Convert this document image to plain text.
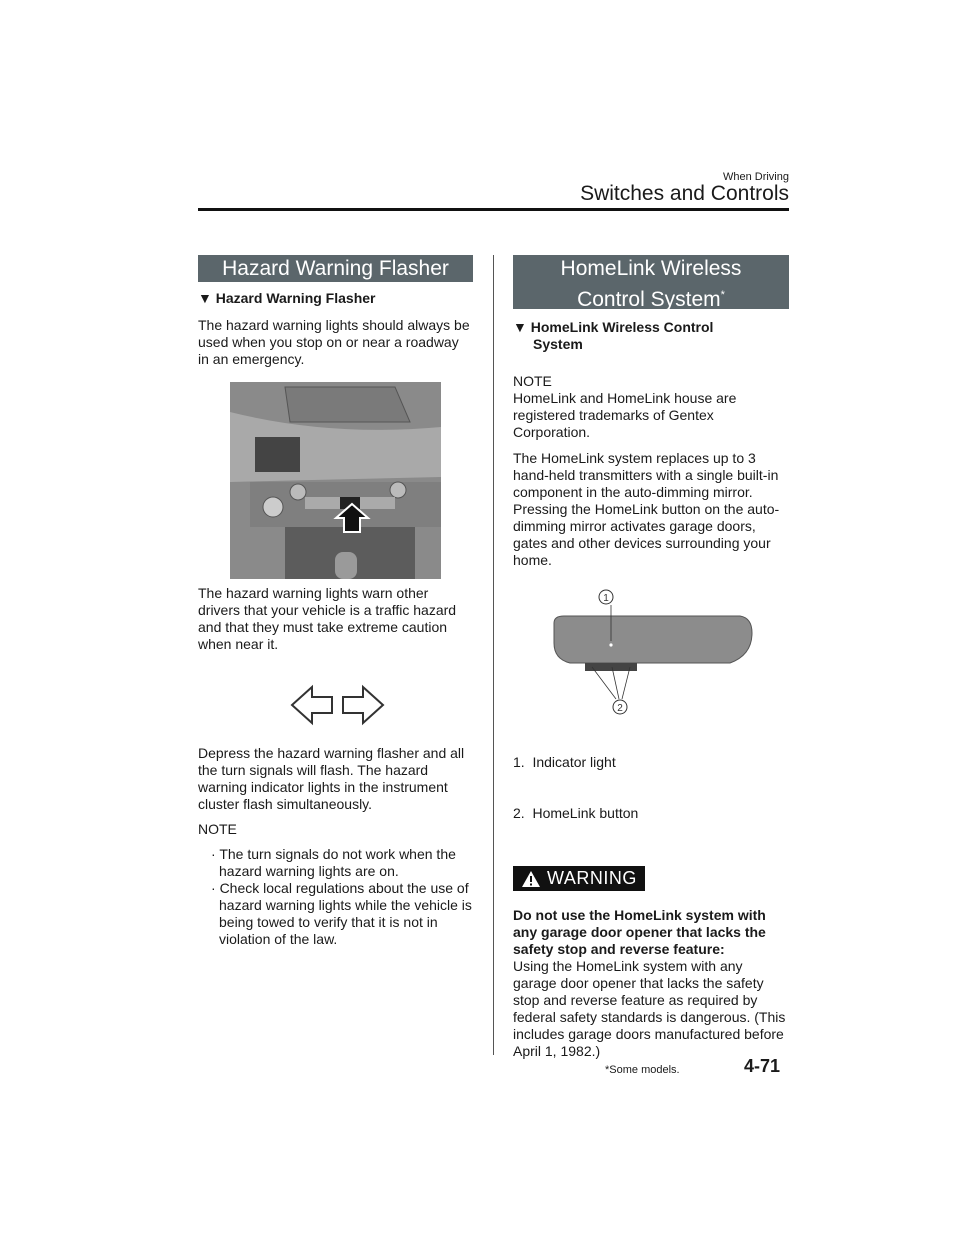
When Driving
Switches and Controls
Hazard Warning Flasher
▼ Hazard Warning Flasher
The hazard warning lights should always be used when you stop on or near a roadway in an emergency.
The hazard warning lights warn other drivers that your vehicle is a traffic hazard and that they must take extreme caution when near it.
Depress the hazard warning flasher and all the turn signals will flash. The hazard warning indicator lights in the instrument cluster flash simultaneously.
NOTE
· The turn signals do not work when the hazard warning lights are on.
· Check local regulations about the use of hazard warning lights while the vehicle is being towed to verify that it is not in violation of the law.
HomeLink Wireless
Control System*
▼ HomeLink Wireless Control System
NOTE
HomeLink and HomeLink house are registered trademarks of Gentex Corporation.
The HomeLink system replaces up to 3 hand-held transmitters with a single built-in component in the auto-dimming mirror. Pressing the HomeLink button on the auto-dimming mirror activates garage doors, gates and other devices surrounding your home.
1
2

1.  Indicator light

2.  HomeLink button

WARNING
Do not use the HomeLink system with any garage door opener that lacks the safety stop and reverse feature:
Using the HomeLink system with any garage door opener that lacks the safety stop and reverse feature as required by federal safety standards is dangerous. (This includes garage doors manufactured before April 1, 1982.)
*Some models.	4-71
